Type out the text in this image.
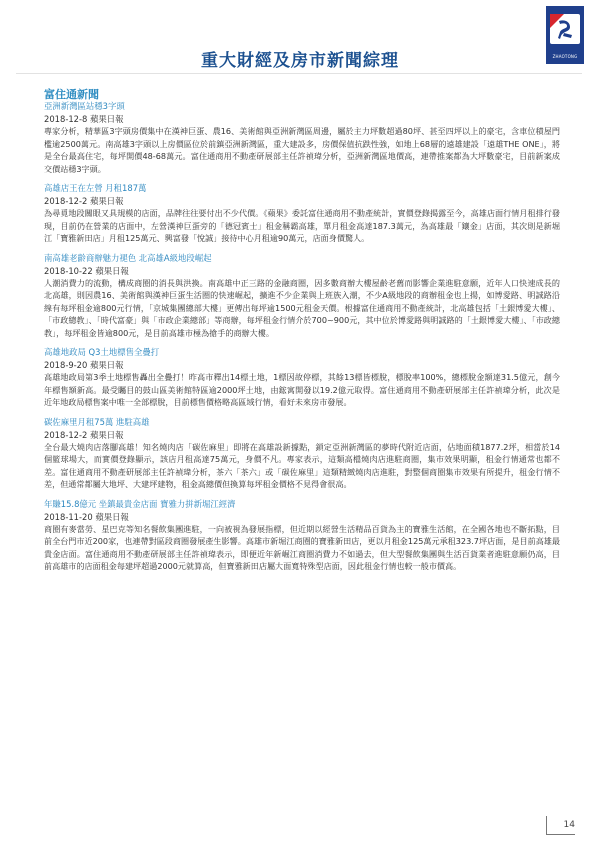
ZHAOTONG
重大財經及房市新聞綜理
富住通新聞

亞洲新灣區站穩3字頭

2018-12-8 蘋果日報

專家分析，精華區3字頭房價集中在漢神巨蛋、農16、美術館與亞洲新灣區周邊，屬於主力坪數超過80坪、甚至四坪以上的豪宅，含車位積屋門檻逾2500萬元。南高雄3字頭以上房價區位於前鎮亞洲新灣區，重大建設多，房價保值抗跌性強，如地上68層的遠雄建設「遠雄THE ONE」，將是全台最高住宅，每坪開價48-68萬元。富住通商用不動產研展部主任許禎瑋分析，亞洲新灣區地價高，連帶推案都為大坪數豪宅，目前新案成交價站穩3字頭。

高雄店王在左營 月租187萬

2018-12-2 蘋果日報

為尋覓地段關眼又具規模的店面，品牌往往要付出不少代價。《蘋果》委託富住通商用不動產統計，實價登錄揭露至今，高雄店面行情月租排行發現，目前仍在營業的店面中，左營漢神巨蛋旁的「德冠賓士」租金稱霸高雄，單月租金高達187.3萬元，為高雄最「鑲金」店面，其次則是新堀江「寶雅新田店」月租125萬元、興富發「悅誠」接待中心月租逾90萬元，店面身價驚人。

南高雄老齡商辦魅力褪色 北高雄A級地段崛起

2018-10-22 蘋果日報

人潮消費力的流動，構成商圈的消長與洪換。南高雄中正三路的金融商圈，因多數商辦大樓屋齡老舊而影響企業進駐意願，近年人口快速成長的北高雄，則因農16、美術館與漢神巨蛋生活圈的快速崛起，擴進不少企業與上班族入潮，不少A級地段的商辦租金也上揚，如博愛路、明誠路沿線有每坪租金逾800元行情，「京城集團總部大樓」更傳出每坪逾1500元租金天價。根據富住通商用不動產統計，北高雄包括「土銀博愛大樓」、「市政總教」、「時代富豪」與「市政企業總部」等商辦，每坪租金行情介於700~900元，其中位於博愛路與明誠路的「土銀博愛大樓」、「市政總教」，每坪租金皆逾800元，是目前高雄市極為搶手的商辦大樓。

高雄地政局 Q3土地標售全疊打

2018-9-20 蘋果日報

高雄地政局第3季土地標售轟出全疊打！昨高市釋出14標土地，1標因故停標，其餘13標皆標脫，標脫率100%，總標脫金額達31.5億元，創今年標售額新高。最受矚目的鼓山區美術館特區逾2000坪土地，由鋐寓開發以19.2億元取得。富住通商用不動產研展部主任許禎瑋分析，此次是近年地政局標售案中唯一全部標脫，目前標售價格略高區域行情，看好未來房市發展。

碳佐麻里月租75萬 進駐高雄

2018-12-2 蘋果日報

全台最大燒肉店落腳高雄！知名燒肉店「碳佐麻里」即將在高雄設新據點，鎖定亞洲新灣區的夢時代附近店面，佔地面積1877.2坪，相當於14個籃球場大，而實價登錄顯示，該店月租高達75萬元，身價不凡。專家表示，這類高檔燒肉店進駐商圈，集市效果明顯，租金行情通常也都不差。富住通商用不動產研展部主任許禎瑋分析，茶六「茶六」或「碳佐麻里」這類精緻燒肉店進駐，對整個商圈集市效果有所提升，租金行情不差，但通常都屬大地坪、大建坪建物，租金高總價但換算每坪租金價格不見得會很高。

年賺15.8億元 坐鎮最貴金店面 寶雅力拼新堀江經濟

2018-11-20 蘋果日報

商圈有麥當勞、星巴克等知名餐飲集團進駐，一向被視為發展指標，但近期以經營生活精品百貨為主的寶雅生活館，在全國各地也不斷拓點，目前全台門市近200家，也連帶對區段商圈發展產生影響。高雄市新堀江商圈的寶雅新田店，更以月租金125萬元承租323.7坪店面，是目前高雄最貴金店面。富住通商用不動產研展部主任許禎瑋表示，即便近年新崛江商圈消費力不如過去，但大型餐飲集團與生活百貨業者進駐意願仍高，目前高雄市的店面租金每建坪超過2000元就算高，但寶雅新田店屬大面寬特殊型店面，因此租金行情也較一般市價高。

14
